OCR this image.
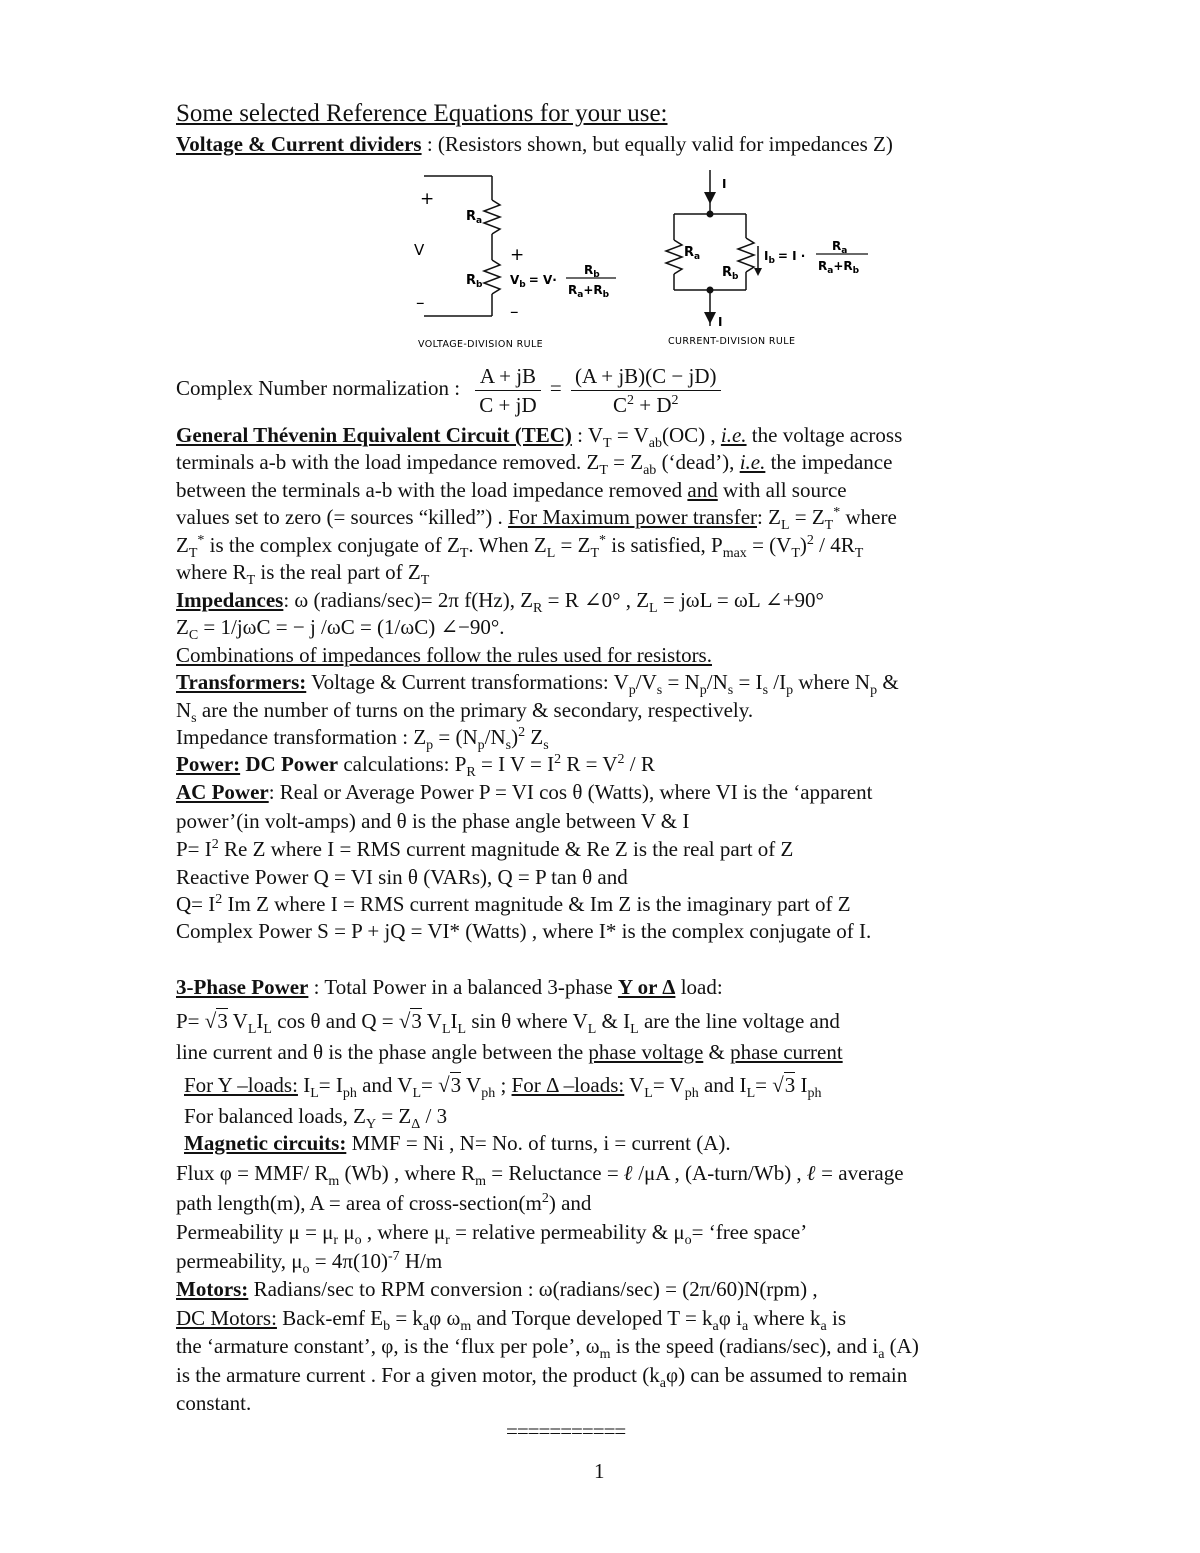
Some selected Reference Equations for your use:
Voltage & Current dividers : (Resistors shown, but equally valid for impedances Z)
+
V
–
$R_a$
$R_b$
+
–
$V_b = V\cdot$
$R_b$
$R_a+R_b$
VOLTAGE-DIVISION RULE
I
I
$R_a$
$R_b$
$I_b = I$ ·
$R_a$
$R_a+R_b$
CURRENT-DIVISION RULE
Complex Number normalization : $\frac{A + jB}{C + jD} = \frac{(A + jB)(C - jD)}{C^2 + D^2}$
General Thévenin Equivalent Circuit (TEC) : $V_T = V_{ab}(OC)$ , i.e. the voltage across
terminals a-b with the load impedance removed. $Z_T = Z_{ab}$ (‘dead’), i.e. the impedance
between the terminals a-b with the load impedance removed and with all source
values set to zero (= sources “killed”) . For Maximum power transfer: $Z_L = Z_T^*$ where
$Z_T^*$ is the complex conjugate of $Z_T$. When $Z_L = Z_T^*$ is satisfied, $P_{max} = (V_T)^2 / 4R_T$
where $R_T$ is the real part of $Z_T$
Impedances: ω (radians/sec)= 2π f(Hz), $Z_R = R$ ∠0° , $Z_L = j\omega L = \omega L$ ∠+90°
$Z_C = 1/j\omega C$ = − j /ωC = (1/ωC) ∠−90°.
Combinations of impedances follow the rules used for resistors.
Transformers: Voltage & Current transformations: $V_p/V_s = N_p/N_s = I_s$ $/I_p$ where $N_p$ &
$N_s$ are the number of turns on the primary & secondary, respectively.
Impedance transformation : $Z_p = (N_p/N_s)^2$ $Z_s$
Power: DC Power calculations: $P_R = I$ $V = I^2$ $R = V^2 / R$
AC Power: Real or Average Power P = VI cos θ (Watts), where VI is the ‘apparent
power’(in volt-amps) and θ is the phase angle between V & I
$P= I^2$ Re Z where I = RMS current magnitude & Re Z is the real part of Z
Reactive Power Q = VI sin θ (VARs), Q = P tan θ and
$Q= I^2$ Im Z where I = RMS current magnitude & Im Z is the imaginary part of Z
Complex Power S = P + jQ = VI* (Watts) , where I* is the complex conjugate of I.
3-Phase Power : Total Power in a balanced 3-phase Y or Δ load:
P= √3 $V_LI_L$ cos θ and Q = √3 $V_LI_L$ sin θ where $V_L$ & $I_L$ are the line voltage and
line current and θ is the phase angle between the phase voltage & phase current
For Y –loads: $I_L= I_{ph}$ and $V_L= √3$ $V_{ph}$ ; For Δ –loads: $V_L= V_{ph}$ and $I_L= √3$ $I_{ph}$
For balanced loads, $Z_Y = Z_\Delta / 3$
Magnetic circuits: MMF = Ni , N= No. of turns, i = current (A).
Flux φ = MMF/ $R_m$ (Wb) , where $R_m$ = Reluctance = ℓ /μA , (A-turn/Wb) , ℓ = average
path length(m), A = area of cross-$section(m^2)$ and
Permeability $\mu = \mu_r$ $\mu_o$ , where $\mu_r$ = relative permeability & $\mu_o=$ ‘free space’
permeability, $\mu_o = 4\pi(10)^{-7}$ H/m
Motors: Radians/sec to RPM conversion : ω(radians/sec) = (2π/60)N(rpm) ,
DC Motors: Back-emf $E_b = k_a\varphi$ $\omega_m$ and Torque developed $T = k_a\varphi$ $i_a$ where $k_a$ is
the ‘armature constant’, φ, is the ‘flux per pole’, $\omega_m$ is the speed (radians/sec), and $i_a$ (A)
is the armature current . For a given motor, the product $(k_a\varphi)$ can be assumed to remain
constant.
===========
1
